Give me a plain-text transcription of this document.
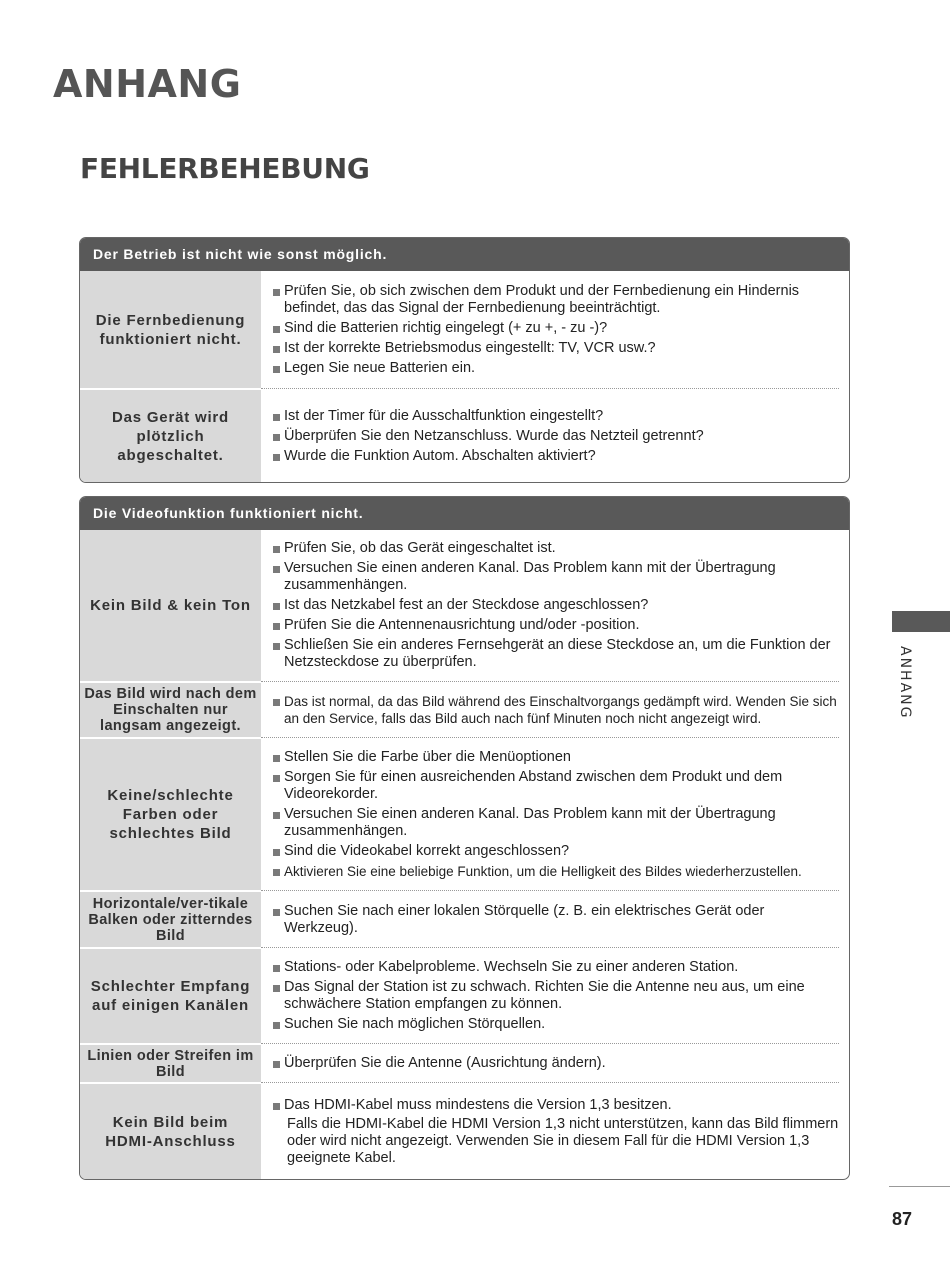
ANHANG
FEHLERBEHEBUNG
Der Betrieb ist nicht wie sonst möglich.
Die Fernbedienung funktioniert nicht.
Prüfen Sie, ob sich zwischen dem Produkt und der Fernbedienung ein Hindernis befindet, das das Signal der Fernbedienung beeinträchtigt.
Sind die Batterien richtig eingelegt (+ zu +, - zu -)?
Ist der korrekte Betriebsmodus eingestellt: TV, VCR usw.?
Legen Sie neue Batterien ein.
Das Gerät wird plötzlich abgeschaltet.
Ist der Timer für die Ausschaltfunktion eingestellt?
Überprüfen Sie den Netzanschluss. Wurde das Netzteil getrennt?
Wurde die Funktion Autom. Abschalten aktiviert?
Die Videofunktion funktioniert nicht.
Kein Bild & kein Ton
Prüfen Sie, ob das Gerät eingeschaltet ist.
Versuchen Sie einen anderen Kanal. Das Problem kann mit der Übertragung zusammenhängen.
Ist das Netzkabel fest an der Steckdose angeschlossen?
Prüfen Sie die Antennenausrichtung und/oder -position.
Schließen Sie ein anderes Fernsehgerät an diese Steckdose an, um die Funktion der Netzsteckdose zu überprüfen.
Das Bild wird nach dem Einschalten nur langsam angezeigt.
Das ist normal, da das Bild während des Einschaltvorgangs gedämpft wird. Wenden Sie sich an den Service, falls das Bild auch nach fünf Minuten noch nicht angezeigt wird.
Keine/schlechte Farben oder schlechtes Bild
Stellen Sie die Farbe über die Menüoptionen
Sorgen Sie für einen ausreichenden Abstand zwischen dem Produkt und dem Videorekorder.
Versuchen Sie einen anderen Kanal. Das Problem kann mit der Übertragung zusammenhängen.
Sind die Videokabel korrekt angeschlossen?
Aktivieren Sie eine beliebige Funktion, um die Helligkeit des Bildes wiederherzustellen.
Horizontale/ver-tikale Balken oder zitterndes Bild
Suchen Sie nach einer lokalen Störquelle (z. B. ein elektrisches Gerät oder Werkzeug).
Schlechter Empfang auf einigen Kanälen
Stations- oder Kabelprobleme. Wechseln Sie zu einer anderen Station.
Das Signal der Station ist zu schwach. Richten Sie die Antenne neu aus, um eine schwächere Station empfangen zu können.
Suchen Sie nach möglichen Störquellen.
Linien oder Streifen im Bild
Überprüfen Sie die Antenne (Ausrichtung ändern).
Kein Bild beim HDMI-Anschluss
Das HDMI-Kabel muss mindestens die Version 1,3 besitzen.
Falls die HDMI-Kabel die HDMI Version 1,3 nicht unterstützen, kann das Bild flimmern oder wird nicht angezeigt. Verwenden Sie in diesem Fall für die HDMI Version 1,3 geeignete Kabel.
ANHANG
87
